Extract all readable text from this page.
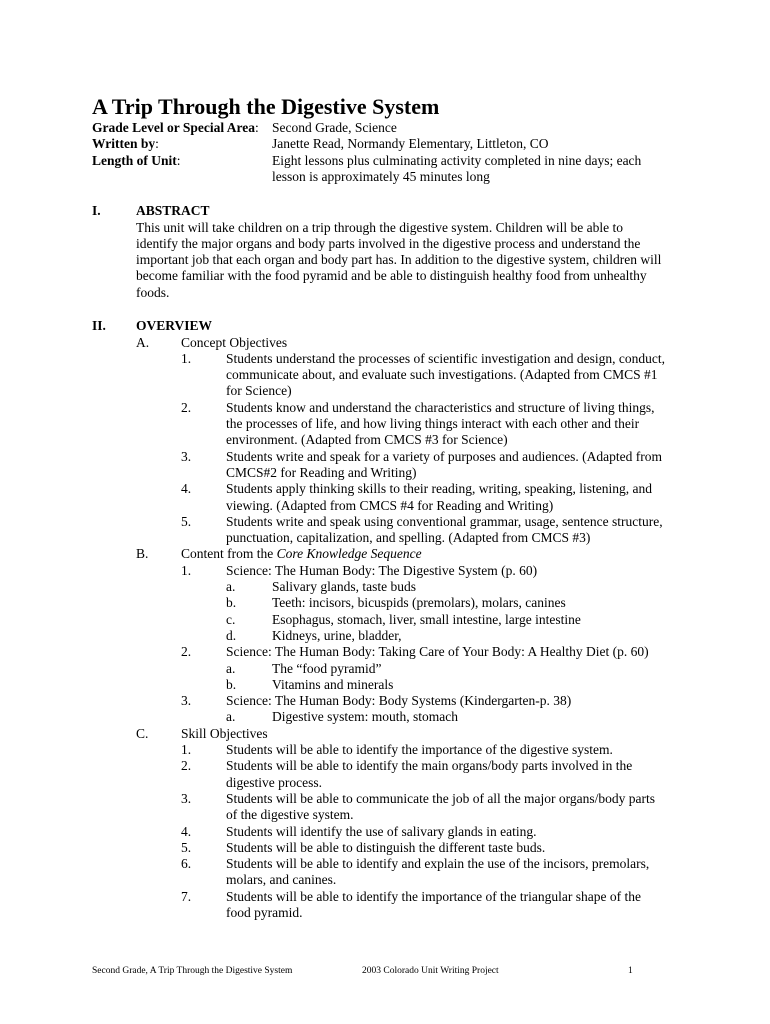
A Trip Through the Digestive System
Grade Level or Special Area: Second Grade, Science
Written by:	Janette Read, Normandy Elementary, Littleton, CO
Length of Unit:	Eight lessons plus culminating activity completed in nine days; each
lesson is approximately 45 minutes long
I.	ABSTRACT
This unit will take children on a trip through the digestive system. Children will be able to
identify the major organs and body parts involved in the digestive process and understand the
important job that each organ and body part has. In addition to the digestive system, children will
become familiar with the food pyramid and be able to distinguish healthy food from unhealthy
foods.
II. OVERVIEW
A. Concept Objectives
1.	Students understand the processes of scientific investigation and design, conduct,
communicate about, and evaluate such investigations. (Adapted from CMCS #1
for Science)
2.	Students know and understand the characteristics and structure of living things,
the processes of life, and how living things interact with each other and their
environment. (Adapted from CMCS #3 for Science)
3.	Students write and speak for a variety of purposes and audiences. (Adapted from
CMCS#2 for Reading and Writing)
4.	Students apply thinking skills to their reading, writing, speaking, listening, and
viewing. (Adapted from CMCS #4 for Reading and Writing)
5.	Students write and speak using conventional grammar, usage, sentence structure,
punctuation, capitalization, and spelling. (Adapted from CMCS #3)
B. Content from the Core Knowledge Sequence
1.	Science: The Human Body: The Digestive System (p. 60)
a.	Salivary glands, taste buds
b.	Teeth: incisors, bicuspids (premolars), molars, canines
c.	Esophagus, stomach, liver, small intestine, large intestine
d.	Kidneys, urine, bladder,
2.	Science: The Human Body: Taking Care of Your Body: A Healthy Diet (p. 60)
a.	The “food pyramid”
b.	Vitamins and minerals
3.	Science: The Human Body: Body Systems (Kindergarten-p. 38)
a.	Digestive system: mouth, stomach
C. Skill Objectives
1.	Students will be able to identify the importance of the digestive system.
2.	Students will be able to identify the main organs/body parts involved in the
digestive process.
3.	Students will be able to communicate the job of all the major organs/body parts
of the digestive system.
4.	Students will identify the use of salivary glands in eating.
5.	Students will be able to distinguish the different taste buds.
6.	Students will be able to identify and explain the use of the incisors, premolars,
molars, and canines.
7.	Students will be able to identify the importance of the triangular shape of the
food pyramid.
Second Grade, A Trip Through the Digestive System	2003 Colorado Unit Writing Project	1
